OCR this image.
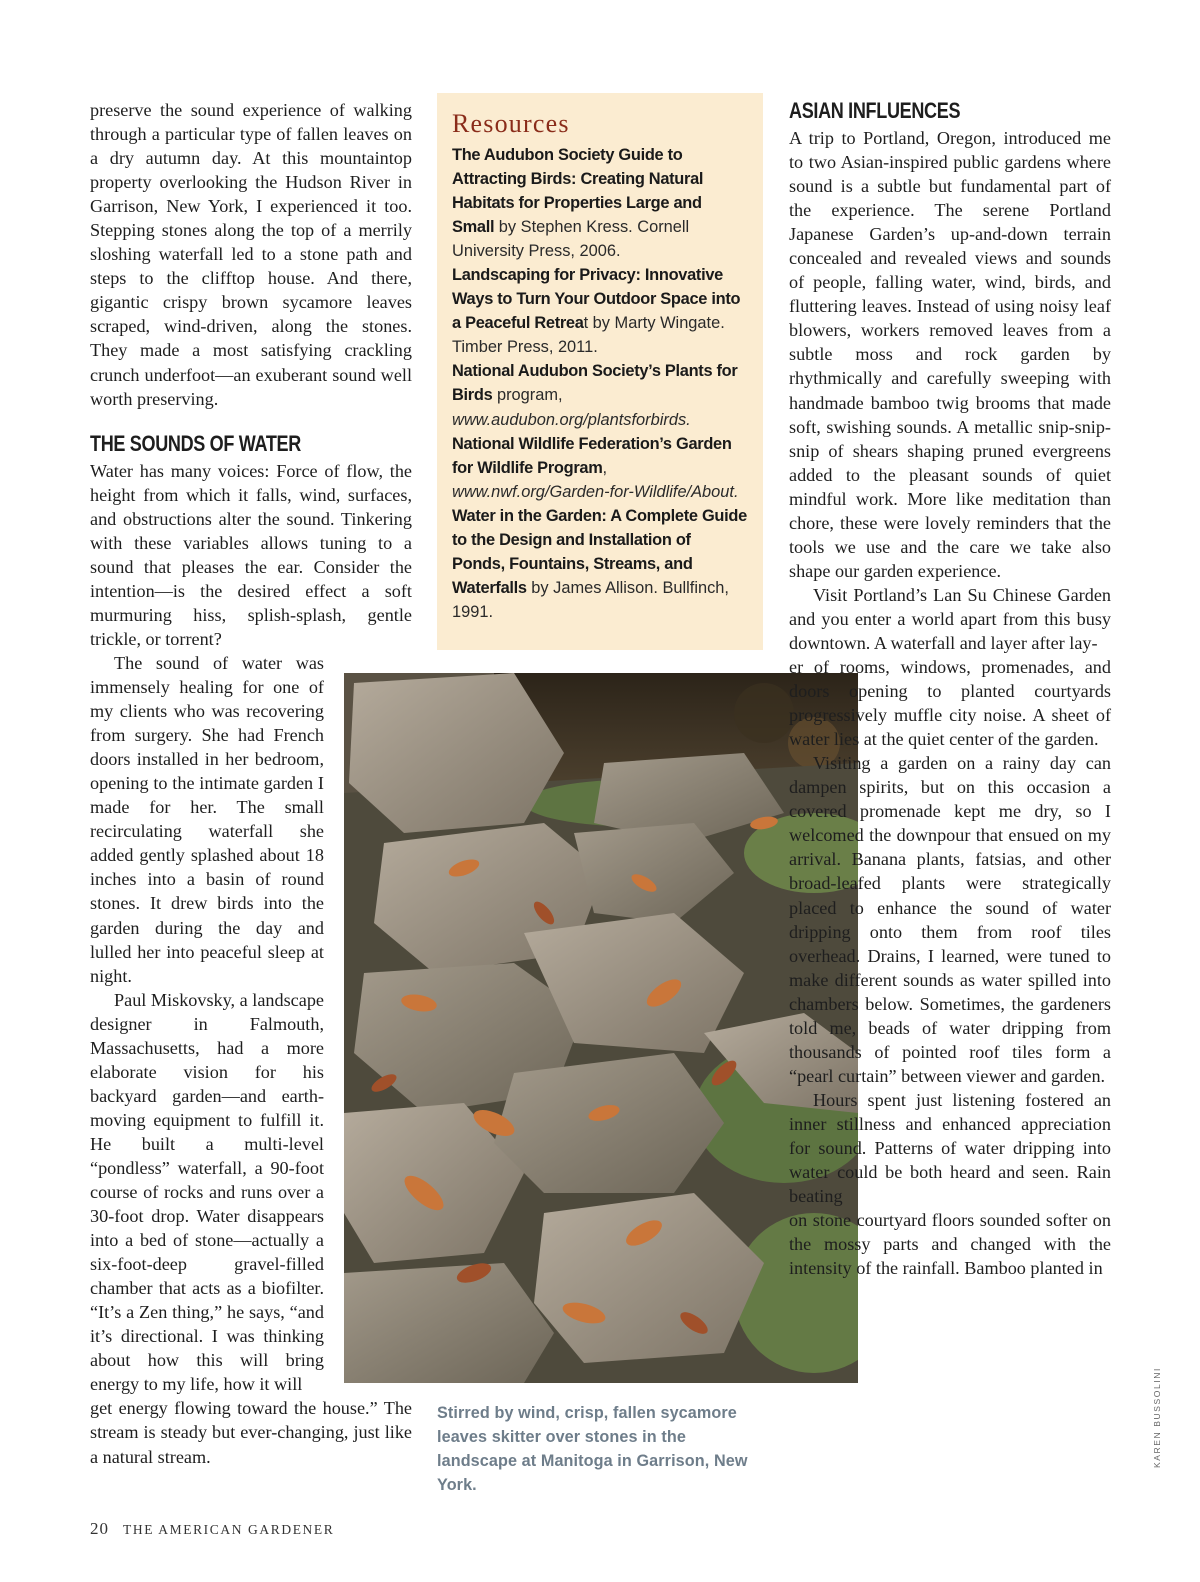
preserve the sound experience of walking through a particular type of fallen leaves on a dry autumn day. At this mountaintop property overlooking the Hudson River in Garrison, New York, I experienced it too. Stepping stones along the top of a merrily sloshing waterfall led to a stone path and steps to the clifftop house. And there, gigantic crispy brown sycamore leaves scraped, wind-driven, along the stones. They made a most satisfying crackling crunch underfoot—an exuberant sound well worth preserving.

THE SOUNDS OF WATER

Water has many voices: Force of flow, the height from which it falls, wind, surfaces, and obstructions alter the sound. Tinkering with these variables allows tuning to a sound that pleases the ear. Consider the intention—is the desired effect a soft murmuring hiss, splish-splash, gentle trickle, or torrent?

The sound of water was immensely healing for one of my clients who was recovering from surgery. She had French doors installed in her bedroom, opening to the intimate garden I made for her. The small recirculating waterfall she added gently splashed about 18 inches into a basin of round stones. It drew birds into the garden during the day and lulled her into peaceful sleep at night.

Paul Miskovsky, a landscape designer in Falmouth, Massachusetts, had a more elaborate vision for his backyard garden—and earth-moving equipment to fulfill it. He built a multi-level “pondless” waterfall, a 90-foot course of rocks and runs over a 30-foot drop. Water disappears into a bed of stone—actually a six-foot-deep gravel-filled chamber that acts as a biofilter. “It’s a Zen thing,” he says, “and it’s directional. I was thinking about how this will bring energy to my life, how it will

get energy flowing toward the house.” The stream is steady but ever-changing, just like a natural stream.

Resources

The Audubon Society Guide to Attracting Birds: Creating Natural Habitats for Properties Large and Small by Stephen Kress. Cornell University Press, 2006.

Landscaping for Privacy: Innovative Ways to Turn Your Outdoor Space into a Peaceful Retreat by Marty Wingate. Timber Press, 2011.

National Audubon Society’s Plants for Birds program, www.audubon.org/plantsforbirds.

National Wildlife Federation’s Garden for Wildlife Program, www.nwf.org/Garden-for-Wildlife/About.

Water in the Garden: A Complete Guide to the Design and Installation of Ponds, Fountains, Streams, and Waterfalls by James Allison. Bullfinch, 1991.

Stirred by wind, crisp, fallen sycamore leaves skitter over stones in the landscape at Manitoga in Garrison, New York.
ASIAN INFLUENCES

A trip to Portland, Oregon, introduced me to two Asian-inspired public gardens where sound is a subtle but fundamental part of the experience. The serene Portland Japanese Garden’s up-and-down terrain concealed and revealed views and sounds of people, falling water, wind, birds, and fluttering leaves. Instead of using noisy leaf blowers, workers removed leaves from a subtle moss and rock garden by rhythmically and carefully sweeping with handmade bamboo twig brooms that made soft, swishing sounds. A metallic snip-snip-snip of shears shaping pruned evergreens added to the pleasant sounds of quiet mindful work. More like meditation than chore, these were lovely reminders that the tools we use and the care we take also shape our garden experience.

Visit Portland’s Lan Su Chinese Garden and you enter a world apart from this busy downtown. A waterfall and layer after lay-

er of rooms, windows, promenades, and doors opening to planted courtyards progressively muffle city noise. A sheet of water lies at the quiet center of the garden.

Visiting a garden on a rainy day can dampen spirits, but on this occasion a covered promenade kept me dry, so I welcomed the downpour that ensued on my arrival. Banana plants, fatsias, and other broad-leafed plants were strategically placed to enhance the sound of water dripping onto them from roof tiles overhead. Drains, I learned, were tuned to make different sounds as water spilled into chambers below. Sometimes, the gardeners told me, beads of water dripping from thousands of pointed roof tiles form a “pearl curtain” between viewer and garden.

Hours spent just listening fostered an inner stillness and enhanced appreciation for sound. Patterns of water dripping into water could be both heard and seen. Rain beating

on stone courtyard floors sounded softer on the mossy parts and changed with the intensity of the rainfall. Bamboo planted in

KAREN BUSSOLINI
20 THE AMERICAN GARDENER
